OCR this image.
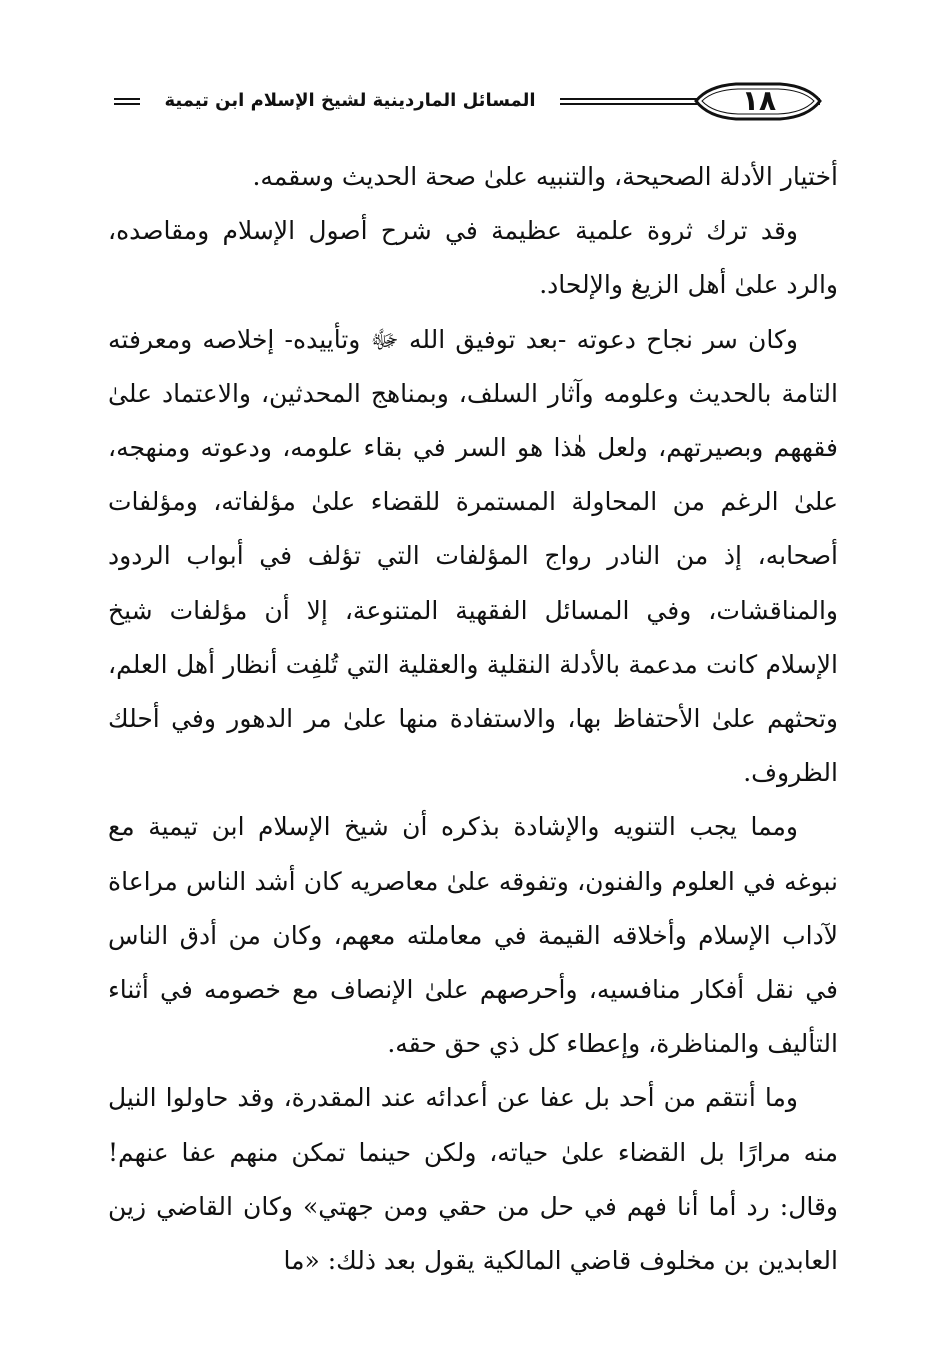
١٨
المسائل الماردينية لشيخ الإسلام ابن تيمية

أختيار الأدلة الصحيحة، والتنبيه علىٰ صحة الحديث وسقمه.

وقد ترك ثروة علمية عظيمة في شرح أصول الإسلام ومقاصده، والرد علىٰ أهل الزيغ والإلحاد.

وكان سر نجاح دعوته -بعد توفيق الله ﷻ وتأييده- إخلاصه ومعرفته التامة بالحديث وعلومه وآثار السلف، وبمناهج المحدثين، والاعتماد علىٰ فقههم وبصيرتهم، ولعل هٰذا هو السر في بقاء علومه، ودعوته ومنهجه، علىٰ الرغم من المحاولة المستمرة للقضاء علىٰ مؤلفاته، ومؤلفات أصحابه، إذ من النادر رواج المؤلفات التي تؤلف في أبواب الردود والمناقشات، وفي المسائل الفقهية المتنوعة، إلا أن مؤلفات شيخ الإسلام كانت مدعمة بالأدلة النقلية والعقلية التي تُلفِت أنظار أهل العلم، وتحثهم علىٰ الأحتفاظ بها، والاستفادة منها علىٰ مر الدهور وفي أحلك الظروف.

ومما يجب التنويه والإشادة بذكره أن شيخ الإسلام ابن تيمية مع نبوغه في العلوم والفنون، وتفوقه علىٰ معاصريه كان أشد الناس مراعاة لآداب الإسلام وأخلاقه القيمة في معاملته معهم، وكان من أدق الناس في نقل أفكار منافسيه، وأحرصهم علىٰ الإنصاف مع خصومه في أثناء التأليف والمناظرة، وإعطاء كل ذي حق حقه.

وما أنتقم من أحد بل عفا عن أعدائه عند المقدرة، وقد حاولوا النيل منه مرارًا بل القضاء علىٰ حياته، ولكن حينما تمكن منهم عفا عنهم! وقال: رد أما أنا فهم في حل من حقي ومن جهتي» وكان القاضي زين العابدين بن مخلوف قاضي المالكية يقول بعد ذلك: «ما
